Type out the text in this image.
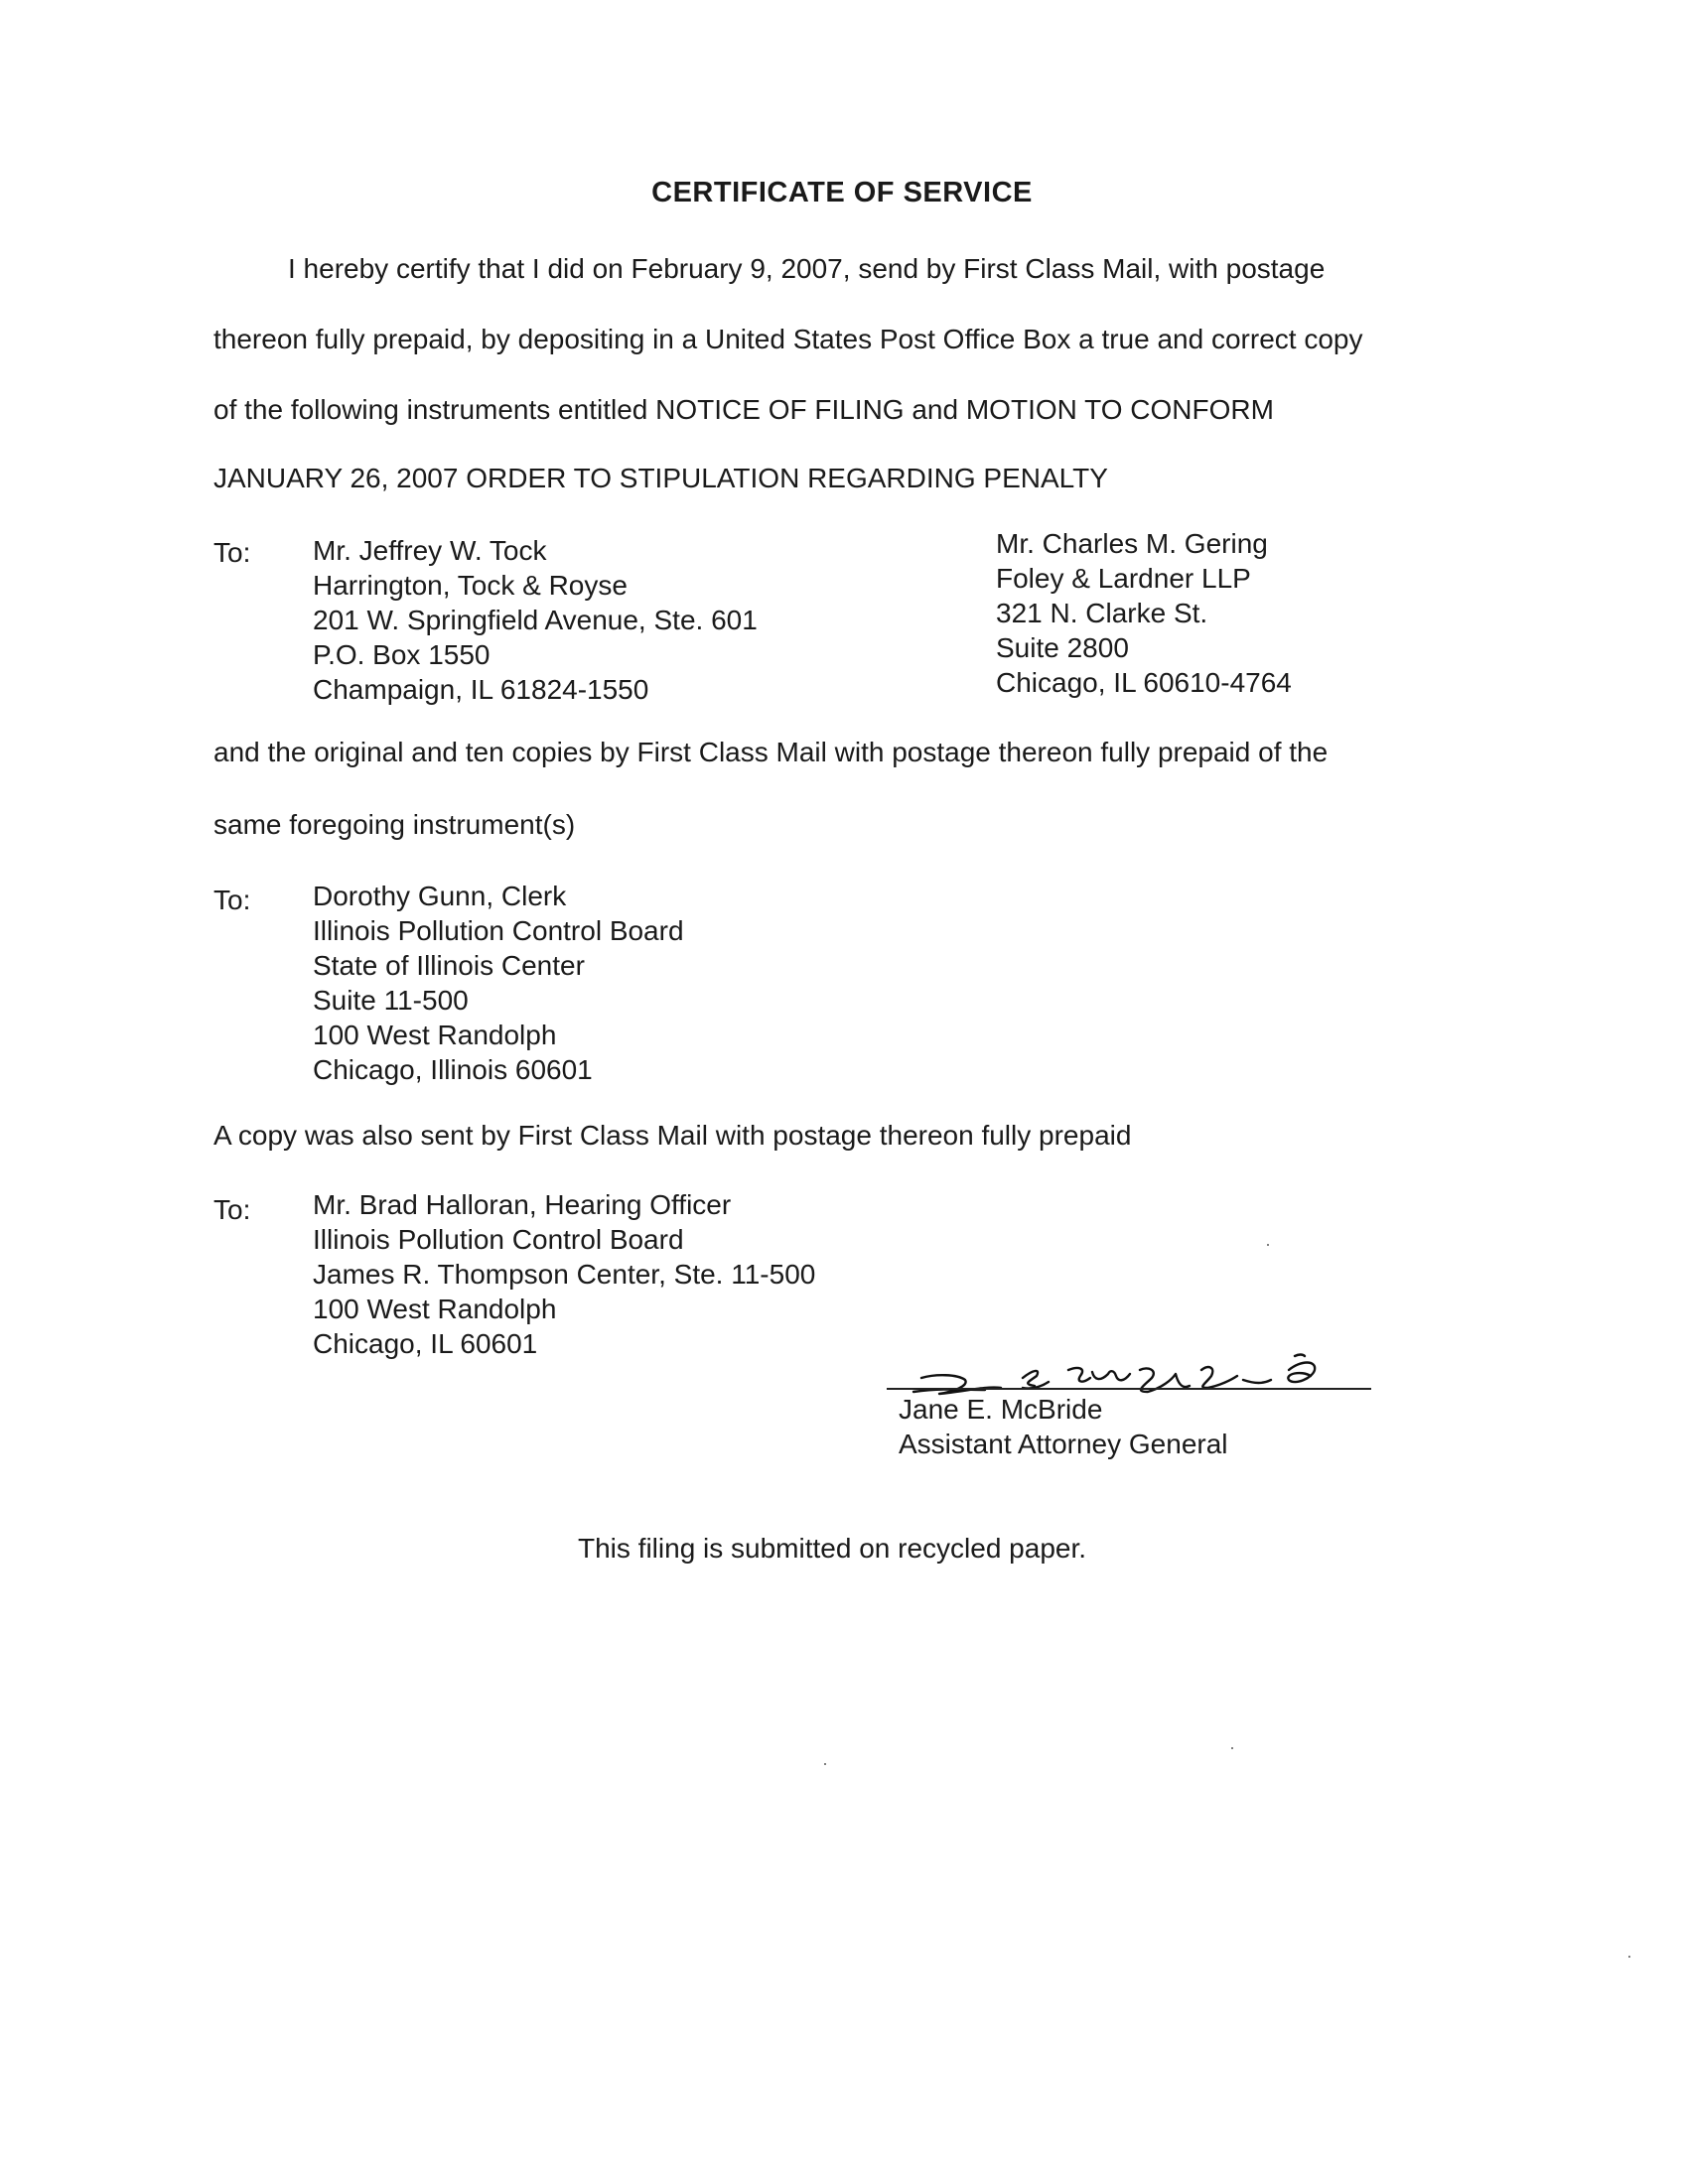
CERTIFICATE OF SERVICE
I hereby certify that I did on February 9, 2007, send by First Class Mail, with postage
thereon fully prepaid, by depositing in a United States Post Office Box a true and correct copy
of the following instruments entitled NOTICE OF FILING and MOTION TO CONFORM
JANUARY 26, 2007 ORDER TO STIPULATION REGARDING PENALTY
To: Mr. Jeffrey W. Tock
Harrington, Tock & Royse
201 W. Springfield Avenue, Ste. 601
P.O. Box 1550
Champaign, IL 61824-1550
Mr. Charles M. Gering
Foley & Lardner LLP
321 N. Clarke St.
Suite 2800
Chicago, IL 60610-4764
and the original and ten copies by First Class Mail with postage thereon fully prepaid of the
same foregoing instrument(s)
To: Dorothy Gunn, Clerk
Illinois Pollution Control Board
State of Illinois Center
Suite 11-500
100 West Randolph
Chicago, Illinois 60601
A copy was also sent by First Class Mail with postage thereon fully prepaid
To: Mr. Brad Halloran, Hearing Officer
Illinois Pollution Control Board
James R. Thompson Center, Ste. 11-500
100 West Randolph
Chicago, IL 60601
Jane E. McBride
Assistant Attorney General
This filing is submitted on recycled paper.
